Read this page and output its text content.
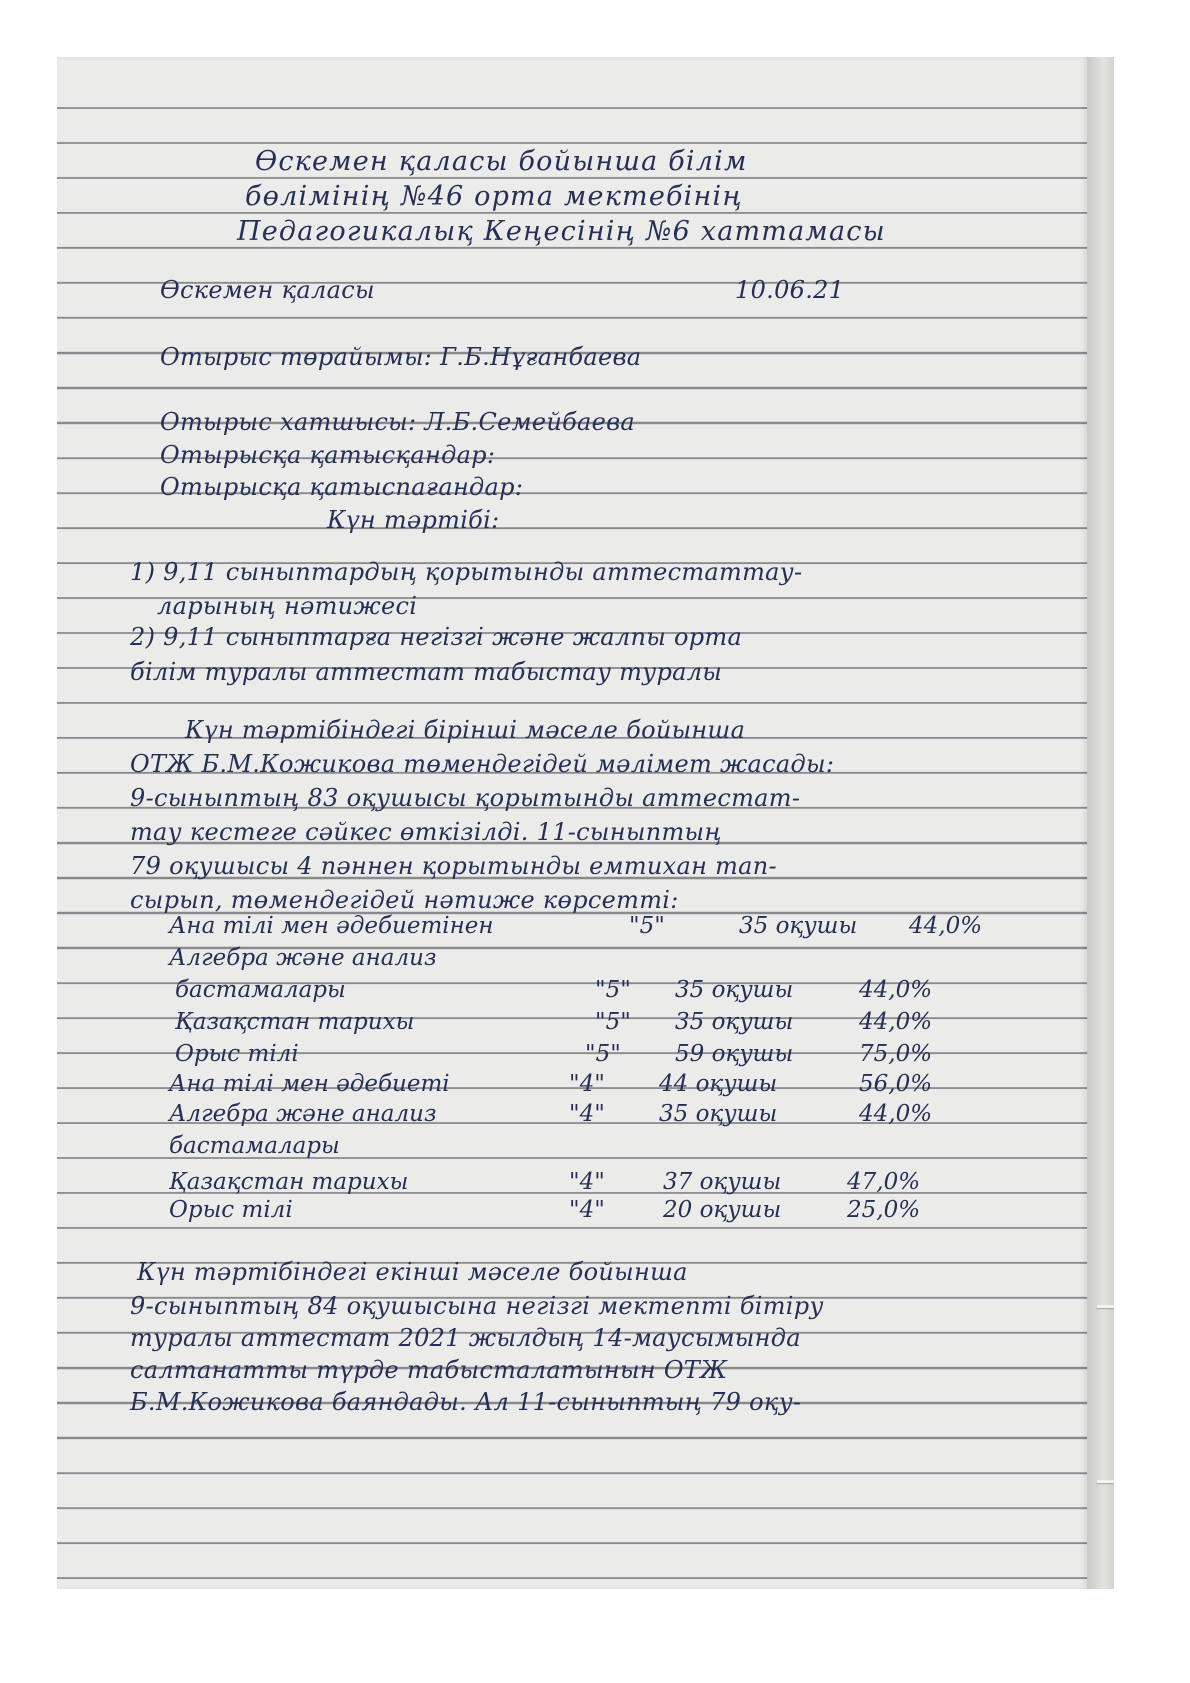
Өскемен қаласы бойынша білім
бөлімінің №46 орта мектебінің
Педагогикалық Кеңесінің №6 хаттамасы
Өскемен қаласы	10.06.21
Отырыс төрайымы: Г.Б.Нұғанбаева
Отырыс хатшысы: Л.Б.Семейбаева
Отырысқа қатысқандар:
Отырысқа қатыспағандар:
Күн тәртібі:
1) 9,11 сыныптардың қорытынды аттестаттау-
ларының нәтижесі
2) 9,11 сыныптарға негізгі және жалпы орта
білім туралы аттестат табыстау туралы
Күн тәртібіндегі бірінші мәселе бойынша
ОТЖ Б.М.Кожикова төмендегідей мәлімет жасады:
9-сыныптың 83 оқушысы қорытынды аттестат-
тау кестеге сәйкес өткізілді. 11-сыныптың
79 оқушысы 4 пәннен қорытынды емтихан тап-
сырып, төмендегідей нәтиже көрсетті:
Ана тілі мен әдебиетінен	"5"	35 оқушы 44,0%
Алгебра және анализ
бастамалары	"5" 35 оқушы	44,0%
Қазақстан тарихы	"5" 35 оқушы	44,0%
Орыс тілі	"5" 59 оқушы	75,0%
Ана тілі мен әдебиеті	"4" 44 оқушы	56,0%
Алгебра және анализ	"4" 35 оқушы	44,0%
бастамалары
Қазақстан тарихы	"4"	37 оқушы	47,0%
Орыс тілі	"4"	20 оқушы	25,0%
Күн тәртібіндегі екінші мәселе бойынша
9-сыныптың 84 оқушысына негізгі мектепті бітіру
туралы аттестат 2021 жылдың 14-маусымында
салтанатты түрде табысталатынын ОТЖ
Б.М.Кожикова баяндады. Ал 11-сыныптың 79 оқу-
